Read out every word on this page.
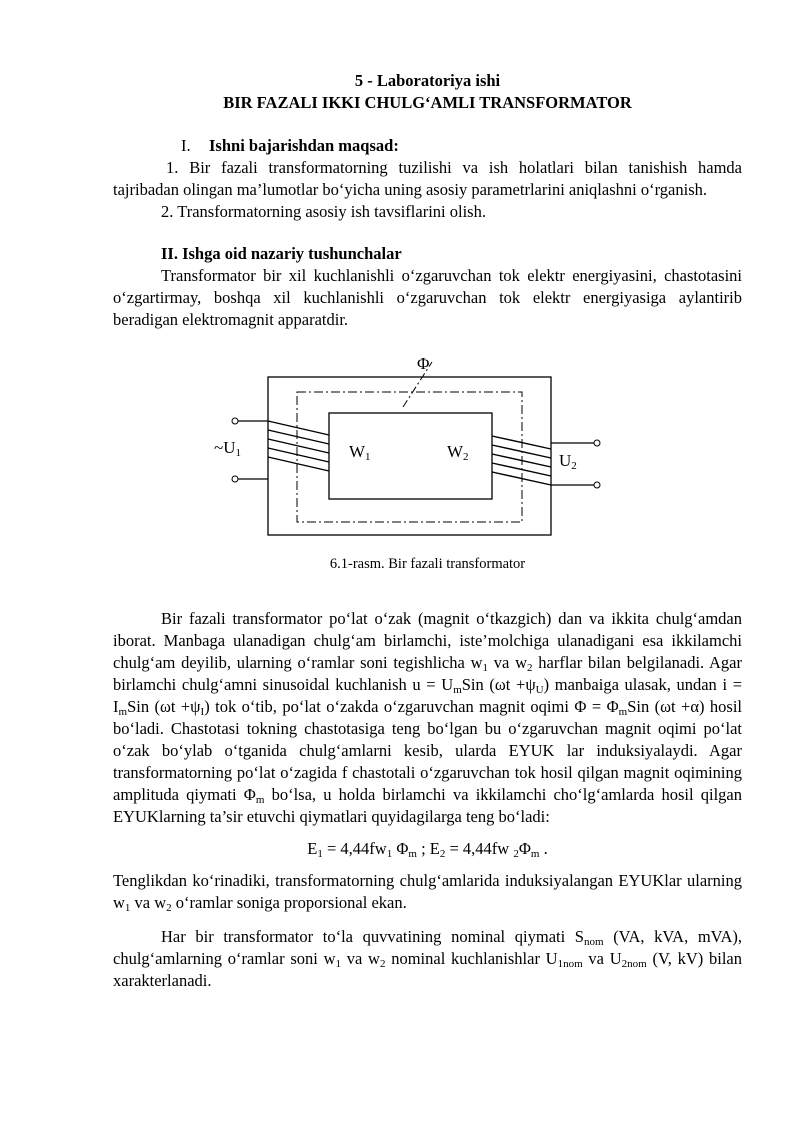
5 - Laboratoriya ishi
BIR FAZALI IKKI CHULG‘AMLI TRANSFORMATOR
I. Ishni bajarishdan maqsad:

1. Bir fazali transformatorning tuzilishi va ish holatlari bilan tanishish hamda tajribadan olingan ma’lumotlar bo‘yicha uning asosiy parametrlarini aniqlashni o‘rganish.

2. Transformatorning asosiy ish tavsiflarini olish.

II. Ishga oid nazariy tushunchalar

Transformator bir xil kuchlanishli o‘zgaruvchan tok elektr energiyasini, chastotasini o‘zgartirmay, boshqa xil kuchlanishli o‘zgaruvchan tok elektr energiyasiga aylantirib beradigan elektromagnit apparatdir.

Φ
~U1	W1	W2	U2
6.1-rasm. Bir fazali transformator

Bir fazali transformator po‘lat o‘zak (magnit o‘tkazgich) dan va ikkita chulg‘amdan iborat. Manbaga ulanadigan chulg‘am birlamchi, iste’molchiga ulanadigani esa ikkilamchi chulg‘am deyilib, ularning o‘ramlar soni tegishlicha $w_1$ va $w_2$ harflar bilan belgilanadi. Agar birlamchi chulg‘amni sinusoidal kuchlanish $u = U_mSin$ $(\omega t +\psi_U)$ manbaiga ulasak, undan $i = I_mSin$ $(\omega t +\psi_I)$ tok o‘tib, po‘lat o‘zakda o‘zgaruvchan magnit oqimi $\Phi = \Phi_mSin$ (ωt +α) hosil bo‘ladi. Chastotasi tokning chastotasiga teng bo‘lgan bu o‘zgaruvchan magnit oqimi po‘lat o‘zak bo‘ylab o‘tganida chulg‘amlarni kesib, ularda EYUK lar induksiyalaydi. Agar transformatorning po‘lat o‘zagida f chastotali o‘zgaruvchan tok hosil qilgan magnit oqimining amplituda qiymati $\Phi_m$ bo‘lsa, u holda birlamchi va ikkilamchi cho‘lg‘amlarda hosil qilgan EYUKlarning ta’sir etuvchi qiymatlari quyidagilarga teng bo‘ladi:

$E_1 = 4,44fw_1$ $\Phi_m$ ; $E_2 = 4,44fw$ $_2\Phi_m$ .

Tenglikdan ko‘rinadiki, transformatorning chulg‘amlarida induksiyalangan EYUKlar ularning $w_1$ va $w_2$ o‘ramlar soniga proporsional ekan.

Har bir transformator to‘la quvvatining nominal qiymati $S_{nom}$ (VA, kVA, mVA), chulg‘amlarning o‘ramlar soni $w_1$ va $w_2$ nominal kuchlanishlar $U_{1nom}$ va $U_{2nom}$ (V, kV) bilan xarakterlanadi.
